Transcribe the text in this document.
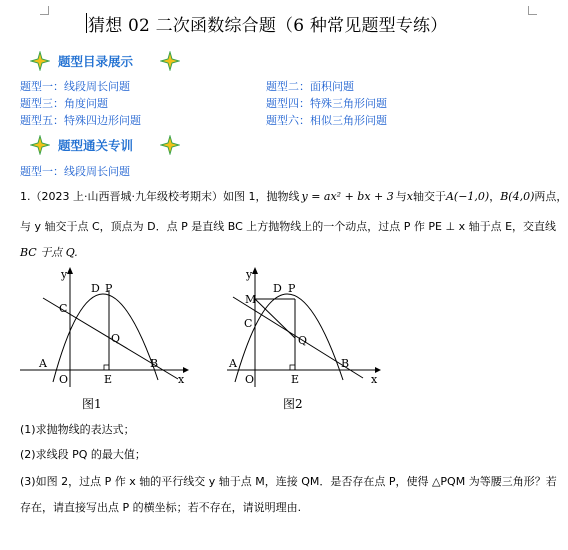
猜想 02 二次函数综合题（6 种常见题型专练）
题型目录展示
题型一：线段周长问题	题型二：面积问题
题型三：角度问题	题型四：特殊三角形问题
题型五：特殊四边形问题	题型六：相似三角形问题
题型通关专训
题型一：线段周长问题
1.（2023 上·山西晋城·九年级校考期末）如图 1，抛物线 y = ax² + bx + 3 与x轴交于A(−1,0)，B(4,0)两点，
与 y 轴交于点 C，顶点为 D．点 P 是直线 BC 上方抛物线上的一个动点，过点 P 作 PE ⊥ x 轴于点 E，交直线
BC 于点 Q.
y
D P
C
Q
A
O	E
B
x
图1
y
D P
M
C
Q
A
O	E
B
x
图2
(1)求抛物线的表达式；
(2)求线段 PQ 的最大值；
(3)如图 2，过点 P 作 x 轴的平行线交 y 轴于点 M，连接 QM．是否存在点 P，使得 △PQM 为等腰三角形？若
存在，请直接写出点 P 的横坐标；若不存在，请说明理由.
